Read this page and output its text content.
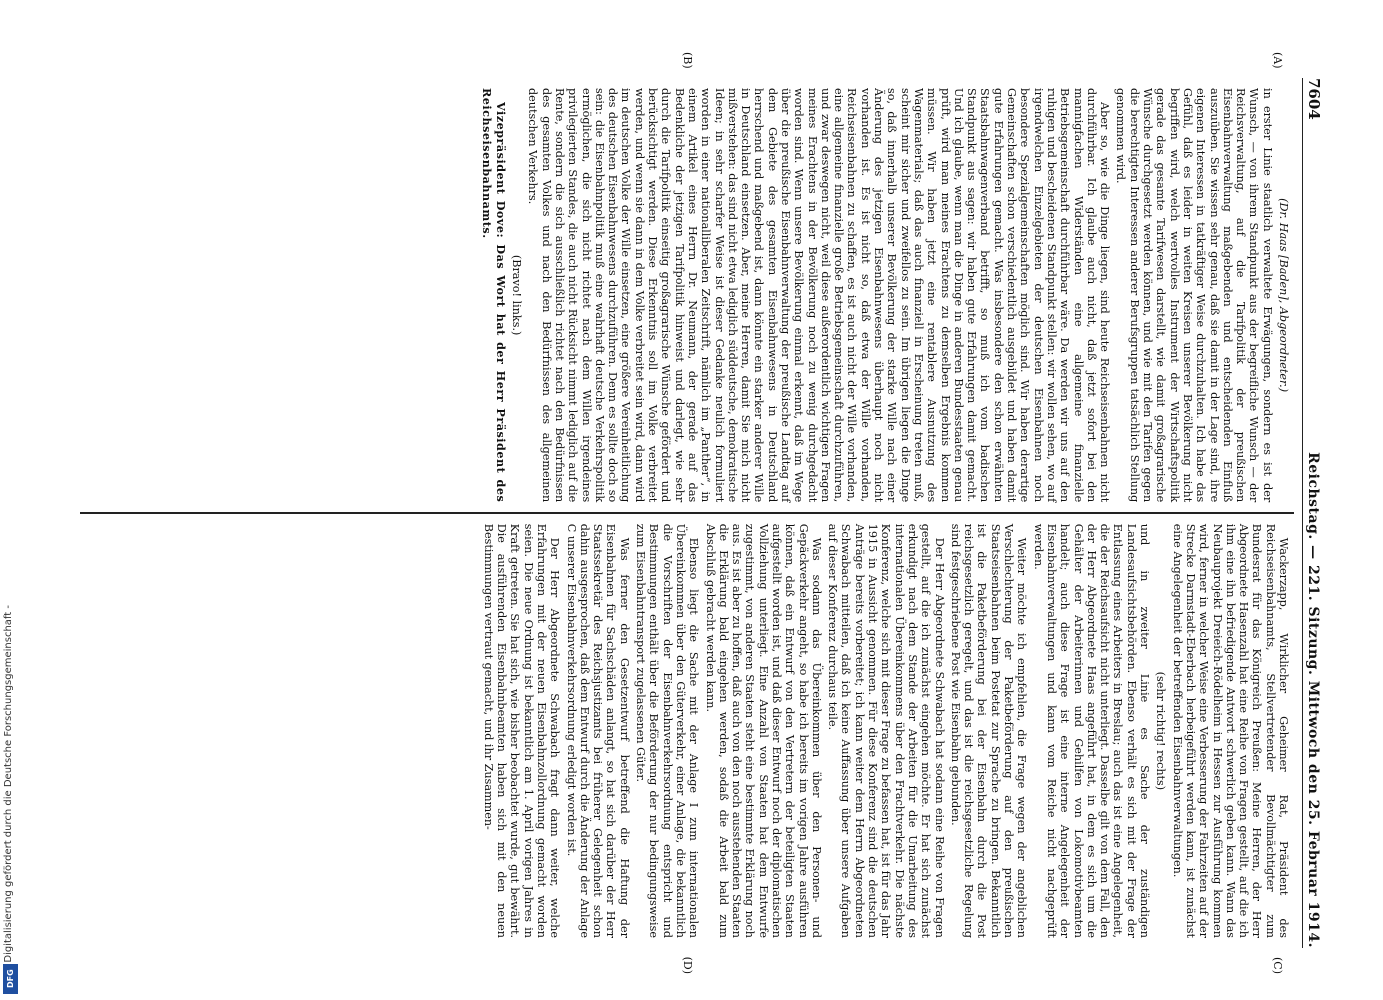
Digitalisierung gefördert durch die Deutsche Forschungsgemeinschaft -
DFG
7604
Reichstag. — 221. Sitzung. Mittwoch den 25. Februar 1914.
(A)
(B)

(Dr. Haas [Baden], Abgeordneter.)

in erster Linie staatlich verwaltete Erwägungen, sondern es ist der Wunsch, — von ihrem Standpunkt aus der begreifliche Wunsch — der Reichsverwaltung, auf die Tarifpolitik der preußischen Eisenbahnverwaltung maßgebenden und entscheidenden Einfluß auszuüben. Sie wissen sehr genau, daß sie damit in der Lage sind, ihre eigenen Interessen in tatkräftiger Weise durchzuhalten. Ich habe das Gefühl, daß es leider in weiten Kreisen unserer Bevölkerung nicht begriffen wird, welch wertvolles Instrument der Wirtschaftspolitik gerade das gesamte Tarifwesen darstellt, wie damit großagrarische Wünsche durchgesetzt werden können, und wie mit den Tarifen gegen die berechtigten Interessen anderer Berufsgruppen tatsächlich Stellung genommen wird.

Aber so, wie die Dinge liegen, sind heute Reichseisenbahnen nicht durchführbar. Ich glaube auch nicht, daß jetzt sofort bei den mannigfachen Widerständen eine allgemeine finanzielle Betriebsgemeinschaft durchführbar wäre. Da werden wir uns auf den ruhigen und bescheidenen Standpunkt stellen: wir wollen sehen, wo auf irgendwelchen Einzelgebieten der deutschen Eisenbahnen noch besondere Spezialgemeinschaften möglich sind. Wir haben derartige Gemeinschaften schon verschiedentlich ausgebildet und haben damit gute Erfahrungen gemacht. Was insbesondere den schon erwähnten Staatsbahnwagenverband betrifft, so muß ich vom badischen Standpunkt aus sagen: wir haben gute Erfahrungen damit gemacht. Und ich glaube, wenn man die Dinge in anderen Bundesstaaten genau prüft, wird man meines Erachtens zu demselben Ergebnis kommen müssen. Wir haben jetzt eine rentablere Ausnutzung des Wagenmaterials; daß das auch finanziell in Erscheinung treten muß, scheint mir sicher und zweifellos zu sein. Im übrigen liegen die Dinge so, daß innerhalb unserer Bevölkerung der starke Wille nach einer Änderung des jetzigen Eisenbahnwesens überhaupt noch nicht vorhanden ist. Es ist nicht so, daß etwa der Wille vorhanden, Reichseisenbahnen zu schaffen, es ist auch nicht der Wille vorhanden, eine allgemeine finanzielle große Betriebsgemeinschaft durchzuführen, und zwar deswegen nicht, weil diese außerordentlich wichtigen Fragen meines Erachtens in der Bevölkerung noch zu wenig durchgedacht worden sind. Wenn unsere Bevölkerung einmal erkennt, daß im Wege über die preußische Eisenbahnverwaltung der preußische Landtag auf dem Gebiete des gesamten Eisenbahnwesens in Deutschland herrschend und maßgebend ist, dann könnte ein starker anderer Wille in Deutschland einsetzen. Aber, meine Herren, damit Sie mich nicht mißverstehen: das sind nicht etwa lediglich süddeutsche, demokratische Ideen; in sehr scharfer Weise ist dieser Gedanke neulich formuliert worden in einer nationalliberalen Zeitschrift, nämlich im „Panther“, in einem Artikel eines Herrn Dr. Neumann, der gerade auf das Bedenkliche der jetzigen Tarifpolitik hinweist und darlegt, wie sehr durch die Tarifpolitik einseitig großagrarische Wünsche gefördert und berücksichtigt werden. Diese Erkenntnis soll im Volke verbreitet werden, und wenn sie dann in dem Volke verbreitet sein wird, dann wird im deutschen Volke der Wille einsetzen, eine größere Vereinheitlichung des deutschen Eisenbahnwesens durchzuführen. Denn es sollte doch so sein: die Eisenbahnpolitik muß eine wahrhaft deutsche Verkehrspolitik ermöglichen, die sich nicht richtet nach dem Willen irgendeines privilegierten Standes, die auch nicht Rücksicht nimmt lediglich auf die Rente, sondern die sich ausschließlich richtet nach den Bedürfnissen des gesamten Volkes und nach den Bedürfnissen des allgemeinen deutschen Verkehrs.

(Bravo! links.)

Vizepräsident Dove: Das Wort hat der Herr Präsident des Reichseisenbahnamts.

(C)
(D)

Wackerzapp, Wirklicher Geheimer Rat, Präsident des Reichseisenbahnamts, Stellvertretender Bevollmächtigter zum Bundesrat für das Königreich Preußen: Meine Herren, der Herr Abgeordnete Hasenzahl hat eine Reihe von Fragen gestellt, auf die ich ihm eine ihn befriedigende Antwort schwerlich geben kann. Wann das Neubauprojekt Dreieich-Rödelheim in Hessen zur Ausführung kommen wird, ferner in welcher Weise eine Verbesserung der Fahrzeiten auf der Strecke Darmstadt-Eberbach herbeigeführt werden kann, ist zunächst eine Angelegenheit der betreffenden Eisenbahnverwaltungen.

(sehr richtig! rechts)

und in zweiter Linie es Sache der zuständigen Landesaufsichtsbehörden. Ebenso verhält es sich mit der Frage der Entlassung eines Arbeiters in Breslau; auch das ist eine Angelegenheit, die der Reichsaufsicht nicht unterliegt. Dasselbe gilt von dem Fall, den der Herr Abgeordnete Haas angeführt hat, in dem es sich um die Gehälter der Arbeiterinnen und Gehilfen von Lokomotivbeamten handelt; auch diese Frage ist eine interne Angelegenheit der Eisenbahnverwaltungen und kann vom Reiche nicht nachgeprüft werden.

Weiter möchte ich empfehlen, die Frage wegen der angeblichen Verschlechterung der Paketbeförderung auf den preußischen Staatseisenbahnen beim Postetat zur Sprache zu bringen. Bekanntlich ist die Paketbeförderung bei der Eisenbahn durch die Post reichsgesetzlich geregelt, und das ist die reichsgesetzliche Regelung sind festgeschriebene Post wie Eisenbahn gebunden.

Der Herr Abgeordnete Schwabach hat sodann eine Reihe von Fragen gestellt, auf die ich zunächst eingehen möchte. Er hat sich zunächst erkundigt nach dem Stande der Arbeiten für die Umarbeitung des internationalen Übereinkommens über den Frachtverkehr. Die nächste Konferenz, welche sich mit dieser Frage zu befassen hat, ist für das Jahr 1915 in Aussicht genommen. Für diese Konferenz sind die deutschen Anträge bereits vorbereitet; ich kann weiter dem Herrn Abgeordneten Schwabach mitteilen, daß ich keine Auffassung über unsere Aufgaben auf dieser Konferenz durchaus teile.

Was sodann das Übereinkommen über den Personen- und Gepäckverkehr angeht, so habe ich bereits im vorigen Jahre ausführen können, daß ein Entwurf von den Vertretern der beteiligten Staaten aufgestellt worden ist, und daß dieser Entwurf noch der diplomatischen Vollziehung unterliegt. Eine Anzahl von Staaten hat dem Entwurfe zugestimmt, von anderen Staaten steht eine bestimmte Erklärung noch aus. Es ist aber zu hoffen, daß auch von den noch ausstehenden Staaten die Erklärung bald eingehen werden, sodaß die Arbeit bald zum Abschluß gebracht werden kann.

Ebenso liegt die Sache mit der Anlage I zum internationalen Übereinkommen über den Güterverkehr, einer Anlage, die bekanntlich die Vorschriften der Eisenbahnverkehrsordnung entspricht und Bestimmungen enthält über die Beförderung der nur bedingungsweise zum Eisenbahntransport zugelassenen Güter.

Was ferner den Gesetzentwurf betreffend die Haftung der Eisenbahnen für Sachschäden anlangt, so hat sich darüber der Herr Staatssekretär des Reichsjustizamts bei früherer Gelegenheit schon dahin ausgesprochen, daß dem Entwurf durch die Änderung der Anlage C unserer Eisenbahnverkehrsordnung erledigt worden ist.

Der Herr Abgeordnete Schwabach fragt dann weiter, welche Erfahrungen mit der neuen Eisenbahnzollordnung gemacht worden seien. Die neue Ordnung ist bekanntlich am 1. April vorigen Jahres in Kraft getreten. Sie hat sich, wie bisher beobachtet wurde, gut bewährt. Die ausführenden Eisenbahnbeamten haben sich mit den neuen Bestimmungen vertraut gemacht, und ihr Zusammen-
